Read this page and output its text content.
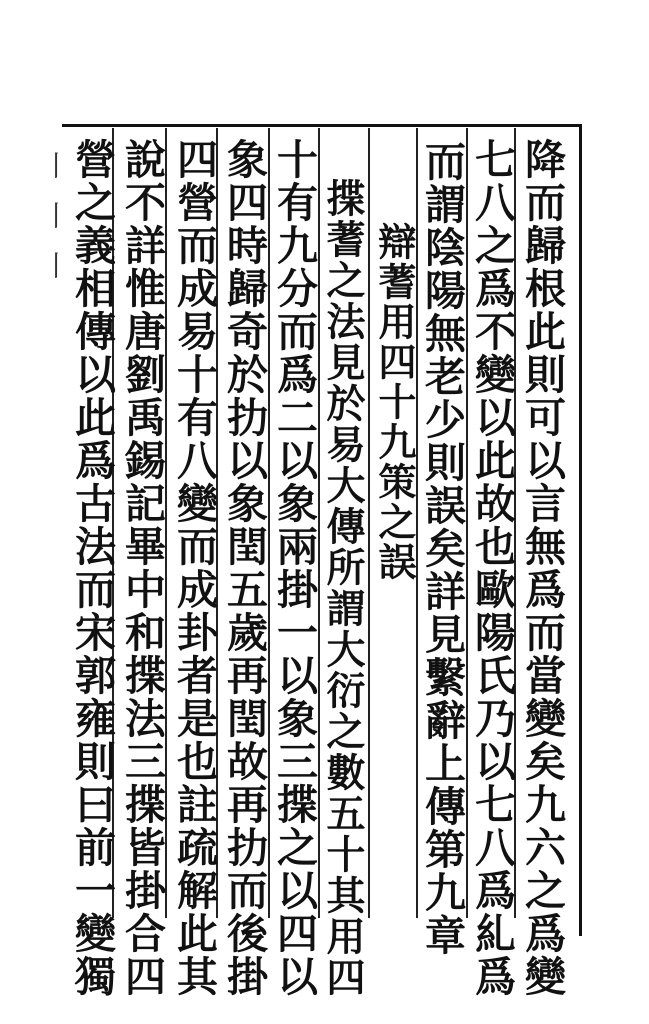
〡〡〡	降而歸根此則可以言無爲而當變矣九六之爲變
七八之爲不變以此故也歐陽氏乃以七八爲糺爲
而謂陰陽無老少則誤矣詳見繫辭上傳第九章
辯蓍用四十九策之誤
揲蓍之法見於易大傳所謂大衍之數五十其用四
十有九分而爲二以象兩掛一以象三揲之以四以
象四時歸奇於扐以象閏五歲再閏故再扐而後掛
四營而成易十有八變而成卦者是也註疏解此其
說不詳惟唐劉禹錫記畢中和揲法三揲皆掛合四
營之義相傳以此爲古法而宋郭雍則曰前一變獨
